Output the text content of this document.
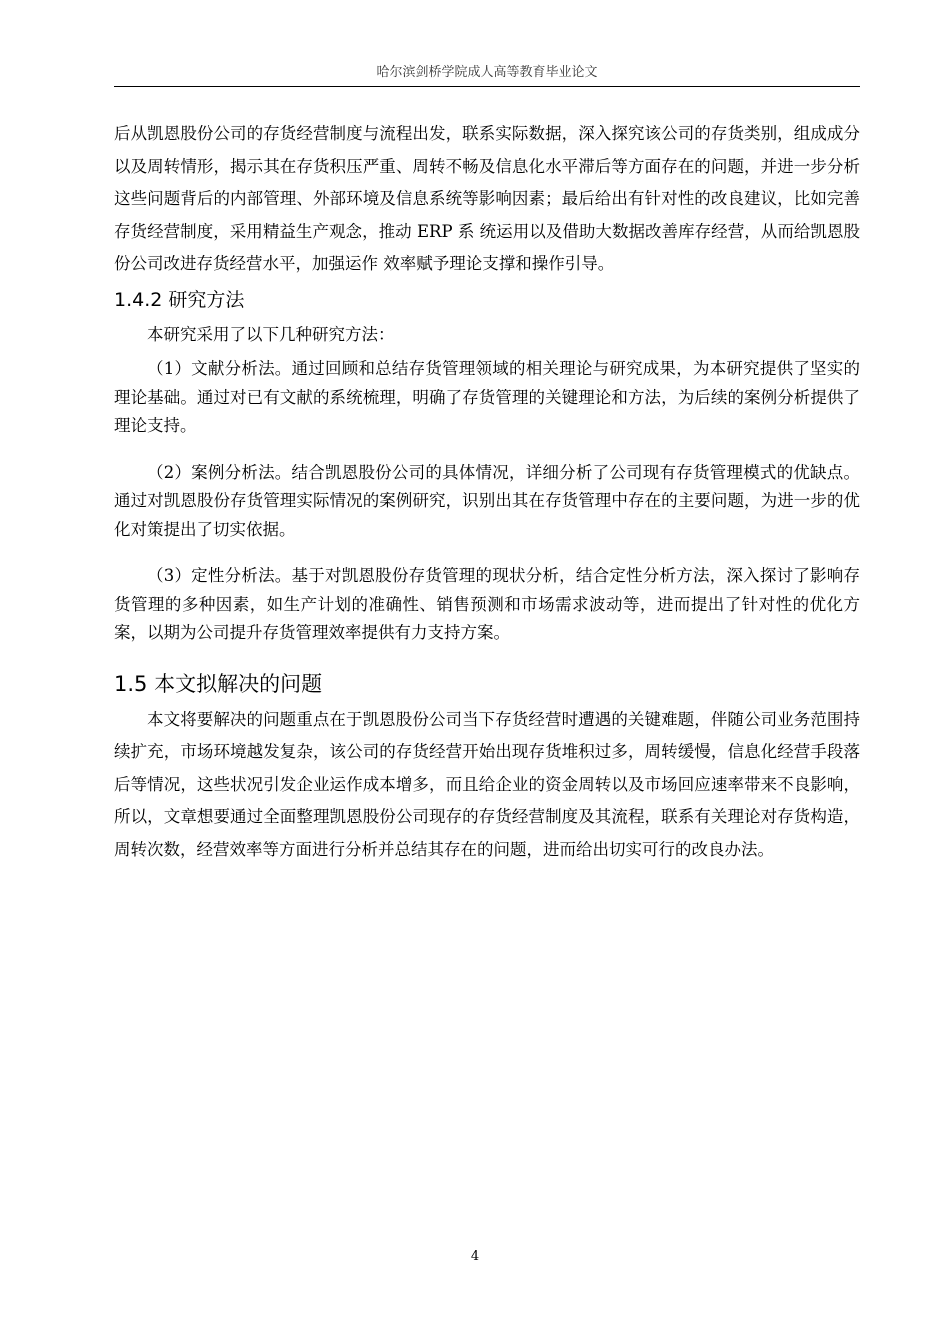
哈尔滨剑桥学院成人高等教育毕业论文

后从凯恩股份公司的存货经营制度与流程出发，联系实际数据，深入探究该公司的存货类别，组成成分以及周转情形，揭示其在存货积压严重、周转不畅及信息化水平滞后等方面存在的问题，并进一步分析这些问题背后的内部管理、外部环境及信息系统等影响因素；最后给出有针对性的改良建议，比如完善存货经营制度，采用精益生产观念，推动 ERP 系 统运用以及借助大数据改善库存经营，从而给凯恩股份公司改进存货经营水平，加强运作 效率赋予理论支撑和操作引导。

1.4.2 研究方法

本研究采用了以下几种研究方法：

（1）文献分析法。通过回顾和总结存货管理领域的相关理论与研究成果，为本研究提供了坚实的理论基础。通过对已有文献的系统梳理，明确了存货管理的关键理论和方法，为后续的案例分析提供了理论支持。

（2）案例分析法。结合凯恩股份公司的具体情况，详细分析了公司现有存货管理模式的优缺点。通过对凯恩股份存货管理实际情况的案例研究，识别出其在存货管理中存在的主要问题，为进一步的优化对策提出了切实依据。

（3）定性分析法。基于对凯恩股份存货管理的现状分析，结合定性分析方法，深入探讨了影响存货管理的多种因素，如生产计划的准确性、销售预测和市场需求波动等，进而提出了针对性的优化方案，以期为公司提升存货管理效率提供有力支持方案。

1.5 本文拟解决的问题

本文将要解决的问题重点在于凯恩股份公司当下存货经营时遭遇的关键难题，伴随公司业务范围持续扩充，市场环境越发复杂，该公司的存货经营开始出现存货堆积过多，周转缓慢，信息化经营手段落后等情况，这些状况引发企业运作成本增多，而且给企业的资金周转以及市场回应速率带来不良影响，所以，文章想要通过全面整理凯恩股份公司现存的存货经营制度及其流程，联系有关理论对存货构造，周转次数，经营效率等方面进行分析并总结其存在的问题，进而给出切实可行的改良办法。

4
